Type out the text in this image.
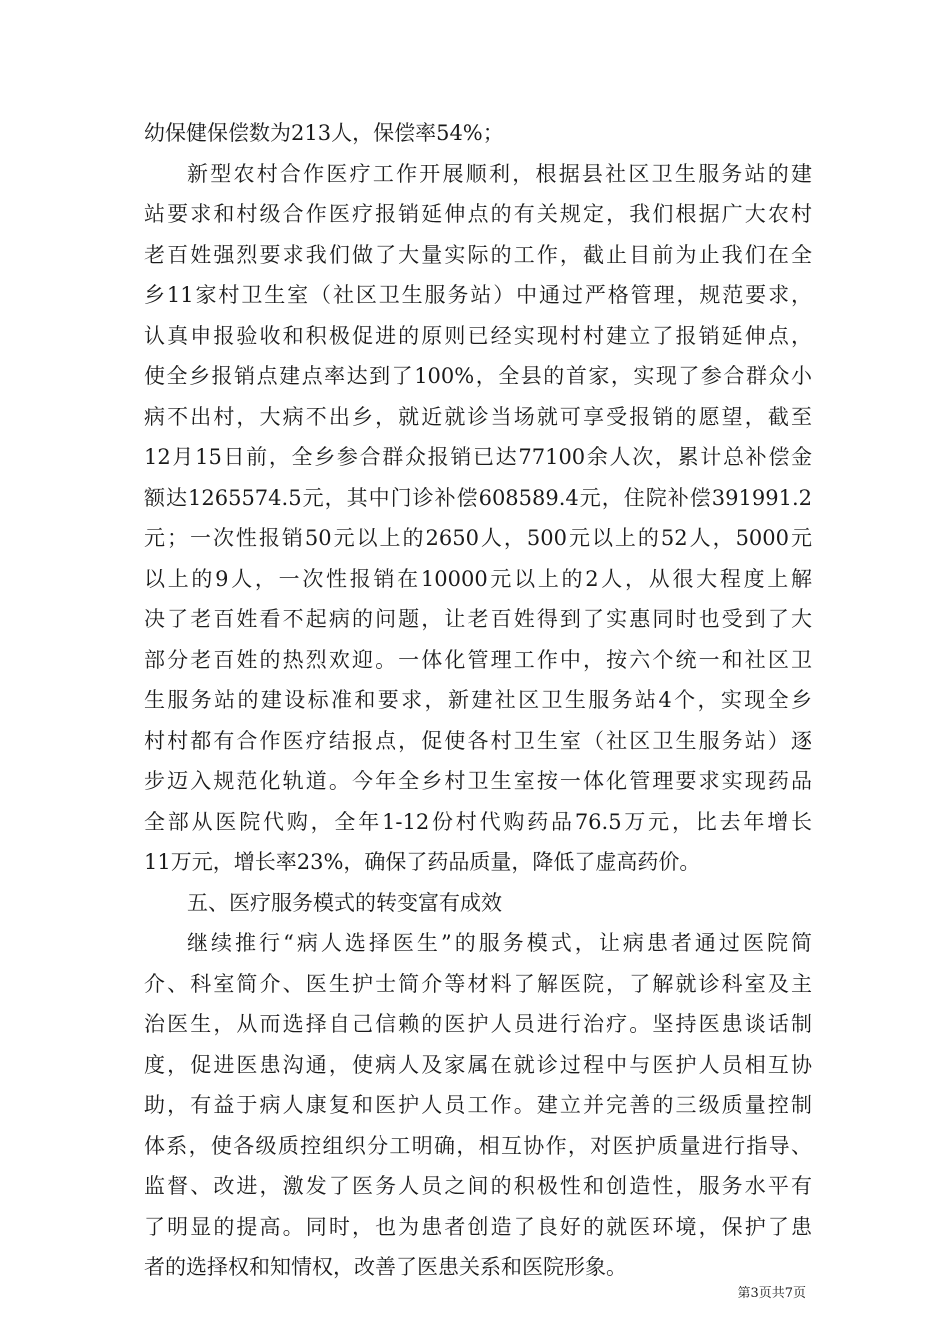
幼保健保偿数为213人，保偿率54%；
新型农村合作医疗工作开展顺利，根据县社区卫生服务站的建
站要求和村级合作医疗报销延伸点的有关规定，我们根据广大农村
老百姓强烈要求我们做了大量实际的工作，截止目前为止我们在全
乡11家村卫生室（社区卫生服务站）中通过严格管理，规范要求，
认真申报验收和积极促进的原则已经实现村村建立了报销延伸点，
使全乡报销点建点率达到了100%，全县的首家，实现了参合群众小
病不出村，大病不出乡，就近就诊当场就可享受报销的愿望，截至
12月15日前，全乡参合群众报销已达77100余人次，累计总补偿金
额达1265574.5元，其中门诊补偿608589.4元，住院补偿391991.2
元；一次性报销50元以上的2650人，500元以上的52人，5000元
以上的9人，一次性报销在10000元以上的2人，从很大程度上解
决了老百姓看不起病的问题，让老百姓得到了实惠同时也受到了大
部分老百姓的热烈欢迎。一体化管理工作中，按六个统一和社区卫
生服务站的建设标准和要求，新建社区卫生服务站4个，实现全乡
村村都有合作医疗结报点，促使各村卫生室（社区卫生服务站）逐
步迈入规范化轨道。今年全乡村卫生室按一体化管理要求实现药品
全部从医院代购，全年1-12份村代购药品76.5万元，比去年增长
11万元，增长率23%，确保了药品质量，降低了虚高药价。
五、医疗服务模式的转变富有成效
继续推行“病人选择医生”的服务模式，让病患者通过医院简
介、科室简介、医生护士简介等材料了解医院，了解就诊科室及主
治医生，从而选择自己信赖的医护人员进行治疗。坚持医患谈话制
度，促进医患沟通，使病人及家属在就诊过程中与医护人员相互协
助，有益于病人康复和医护人员工作。建立并完善的三级质量控制
体系，使各级质控组织分工明确，相互协作，对医护质量进行指导、
监督、改进，激发了医务人员之间的积极性和创造性，服务水平有
了明显的提高。同时，也为患者创造了良好的就医环境，保护了患
者的选择权和知情权，改善了医患关系和医院形象。
第3页共7页
